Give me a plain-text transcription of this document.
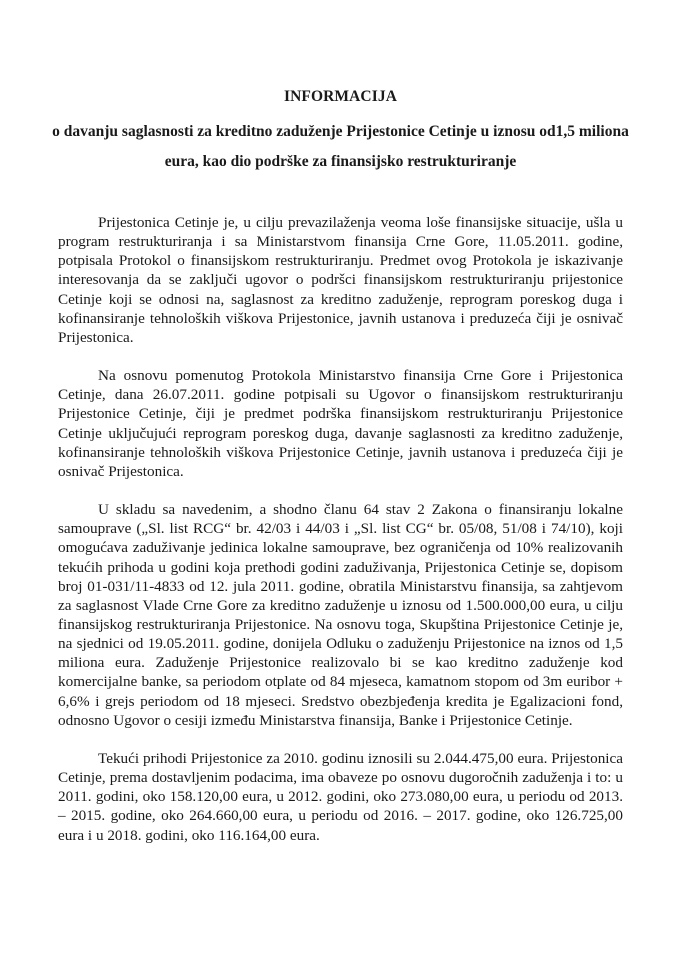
INFORMACIJA
o davanju saglasnosti za kreditno zaduženje Prijestonice Cetinje u iznosu od1,5 miliona eura, kao dio podrške za finansijsko restrukturiranje

Prijestonica Cetinje je, u cilju prevazilaženja veoma loše finansijske situacije, ušla u program restrukturiranja i sa Ministarstvom finansija Crne Gore, 11.05.2011. godine, potpisala Protokol o finansijskom restrukturiranju. Predmet ovog Protokola je iskazivanje interesovanja da se zaključi ugovor o podršci finansijskom restrukturiranju prijestonice Cetinje koji se odnosi na, saglasnost za kreditno zaduženje, reprogram poreskog duga i kofinansiranje tehnoloških viškova Prijestonice, javnih ustanova i preduzeća čiji je osnivač Prijestonica.

Na osnovu pomenutog Protokola Ministarstvo finansija Crne Gore i Prijestonica Cetinje, dana 26.07.2011. godine potpisali su Ugovor o finansijskom restrukturiranju Prijestonice Cetinje, čiji je predmet podrška finansijskom restrukturiranju Prijestonice Cetinje uključujući reprogram poreskog duga, davanje saglasnosti za kreditno zaduženje, kofinansiranje tehnoloških viškova Prijestonice Cetinje, javnih ustanova i preduzeća čiji je osnivač Prijestonica.

U skladu sa navedenim, a shodno članu 64 stav 2 Zakona o finansiranju lokalne samouprave („Sl. list RCG“ br. 42/03 i 44/03 i „Sl. list CG“ br. 05/08, 51/08 i 74/10), koji omogućava zaduživanje jedinica lokalne samouprave, bez ograničenja od 10% realizovanih tekućih prihoda u godini koja prethodi godini zaduživanja, Prijestonica Cetinje se, dopisom broj 01-031/11-4833 od 12. jula 2011. godine, obratila Ministarstvu finansija, sa zahtjevom za saglasnost Vlade Crne Gore za kreditno zaduženje u iznosu od 1.500.000,00 eura, u cilju finansijskog restrukturiranja Prijestonice. Na osnovu toga, Skupština Prijestonice Cetinje je, na sjednici od 19.05.2011. godine, donijela Odluku o zaduženju Prijestonice na iznos od 1,5 miliona eura. Zaduženje Prijestonice realizovalo bi se kao kreditno zaduženje kod komercijalne banke, sa periodom otplate od 84 mjeseca, kamatnom stopom od 3m euribor + 6,6% i grejs periodom od 18 mjeseci. Sredstvo obezbjeđenja kredita je Egalizacioni fond, odnosno Ugovor o cesiji između Ministarstva finansija, Banke i Prijestonice Cetinje.

Tekući prihodi Prijestonice za 2010. godinu iznosili su 2.044.475,00 eura. Prijestonica Cetinje, prema dostavljenim podacima, ima obaveze po osnovu dugoročnih zaduženja i to: u 2011. godini, oko 158.120,00 eura, u 2012. godini, oko 273.080,00 eura, u periodu od 2013. – 2015. godine, oko 264.660,00 eura, u periodu od 2016. – 2017. godine, oko 126.725,00 eura i u 2018. godini, oko 116.164,00 eura.
